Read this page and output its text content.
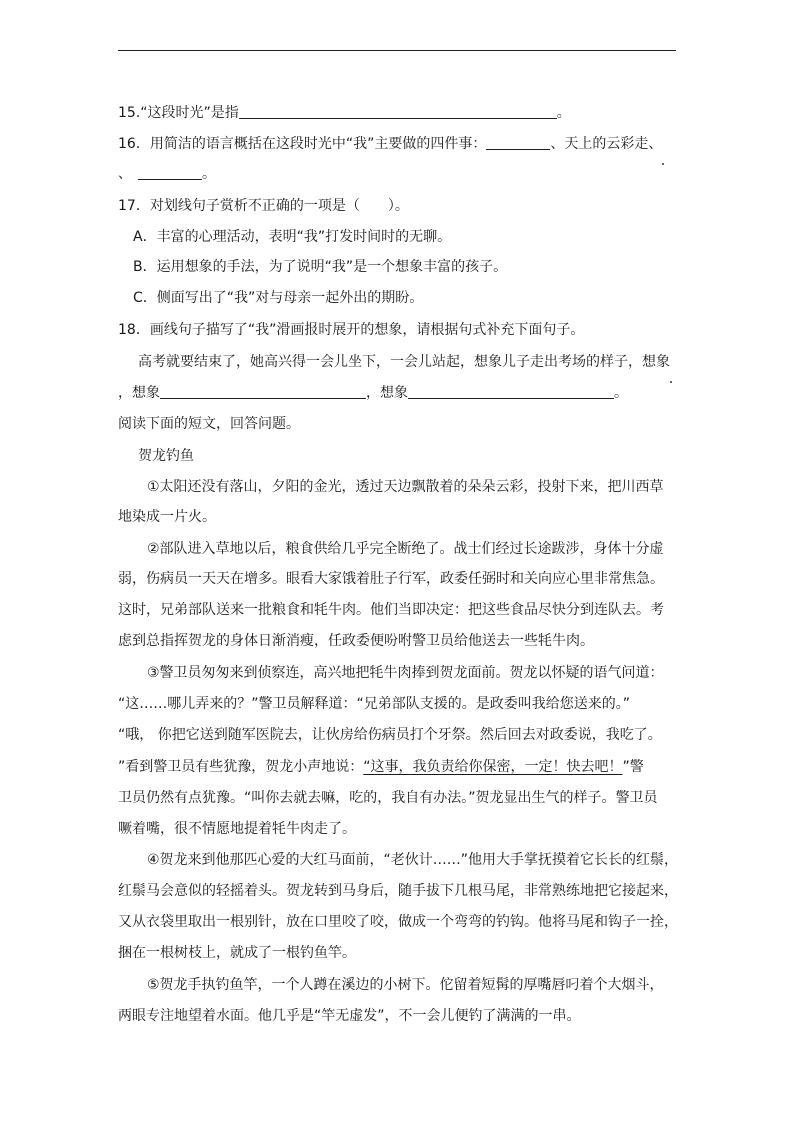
15.“这段时光”是指	。
16．用简洁的语言概括在这段时光中“我”主要做的四件事：	、天上的云彩走、
、	。
17．对划线句子赏析不正确的一项是（　　）。
A．丰富的心理活动，表明“我”打发时间时的无聊。
B．运用想象的手法，为了说明“我”是一个想象丰富的孩子。
C．侧面写出了“我”对与母亲一起外出的期盼。
18．画线句子描写了“我”滑画报时展开的想象，请根据句式补充下面句子。
高考就要结束了，她高兴得一会儿坐下，一会儿站起，想象儿子走出考场的样子，想象
，想象	，想象	。
阅读下面的短文，回答问题。
贺龙钓鱼
①太阳还没有落山，夕阳的金光，透过天边飘散着的朵朵云彩，投射下来，把川西草
地染成一片火。
②部队进入草地以后，粮食供给几乎完全断绝了。战士们经过长途跋涉，身体十分虚
弱，伤病员一天天在增多。眼看大家饿着肚子行军，政委任弼时和关向应心里非常焦急。
这时，兄弟部队送来一批粮食和牦牛肉。他们当即决定：把这些食品尽快分到连队去。考
虑到总指挥贺龙的身体日渐消瘦，任政委便吩咐警卫员给他送去一些牦牛肉。
③警卫员匆匆来到侦察连，高兴地把牦牛肉捧到贺龙面前。贺龙以怀疑的语气问道：
“这……哪儿弄来的？”警卫员解释道：“兄弟部队支援的。是政委叫我给您送来的。”
“哦， 你把它送到随军医院去，让伙房给伤病员打个牙祭。然后回去对政委说，我吃了。
”看到警卫员有些犹豫，贺龙小声地说：“这事，我负责给你保密，一定！快去吧！”警
卫员仍然有点犹豫。“叫你去就去嘛，吃的，我自有办法。”贺龙显出生气的样子。警卫员
噘着嘴，很不情愿地提着牦牛肉走了。
④贺龙来到他那匹心爱的大红马面前，“老伙计……”他用大手掌抚摸着它长长的红鬃，
红鬃马会意似的轻摇着头。贺龙转到马身后，随手拔下几根马尾，非常熟练地把它接起来，
又从衣袋里取出一根别针，放在口里咬了咬，做成一个弯弯的钓钩。他将马尾和钩子一拴，
捆在一根树枝上，就成了一根钓鱼竿。
⑤贺龙手执钓鱼竿，一个人蹲在溪边的小树下。佗留着短髯的厚嘴唇叼着个大烟斗，
两眼专注地望着水面。他几乎是“竿无虚发”，不一会儿便钓了满满的一串。
